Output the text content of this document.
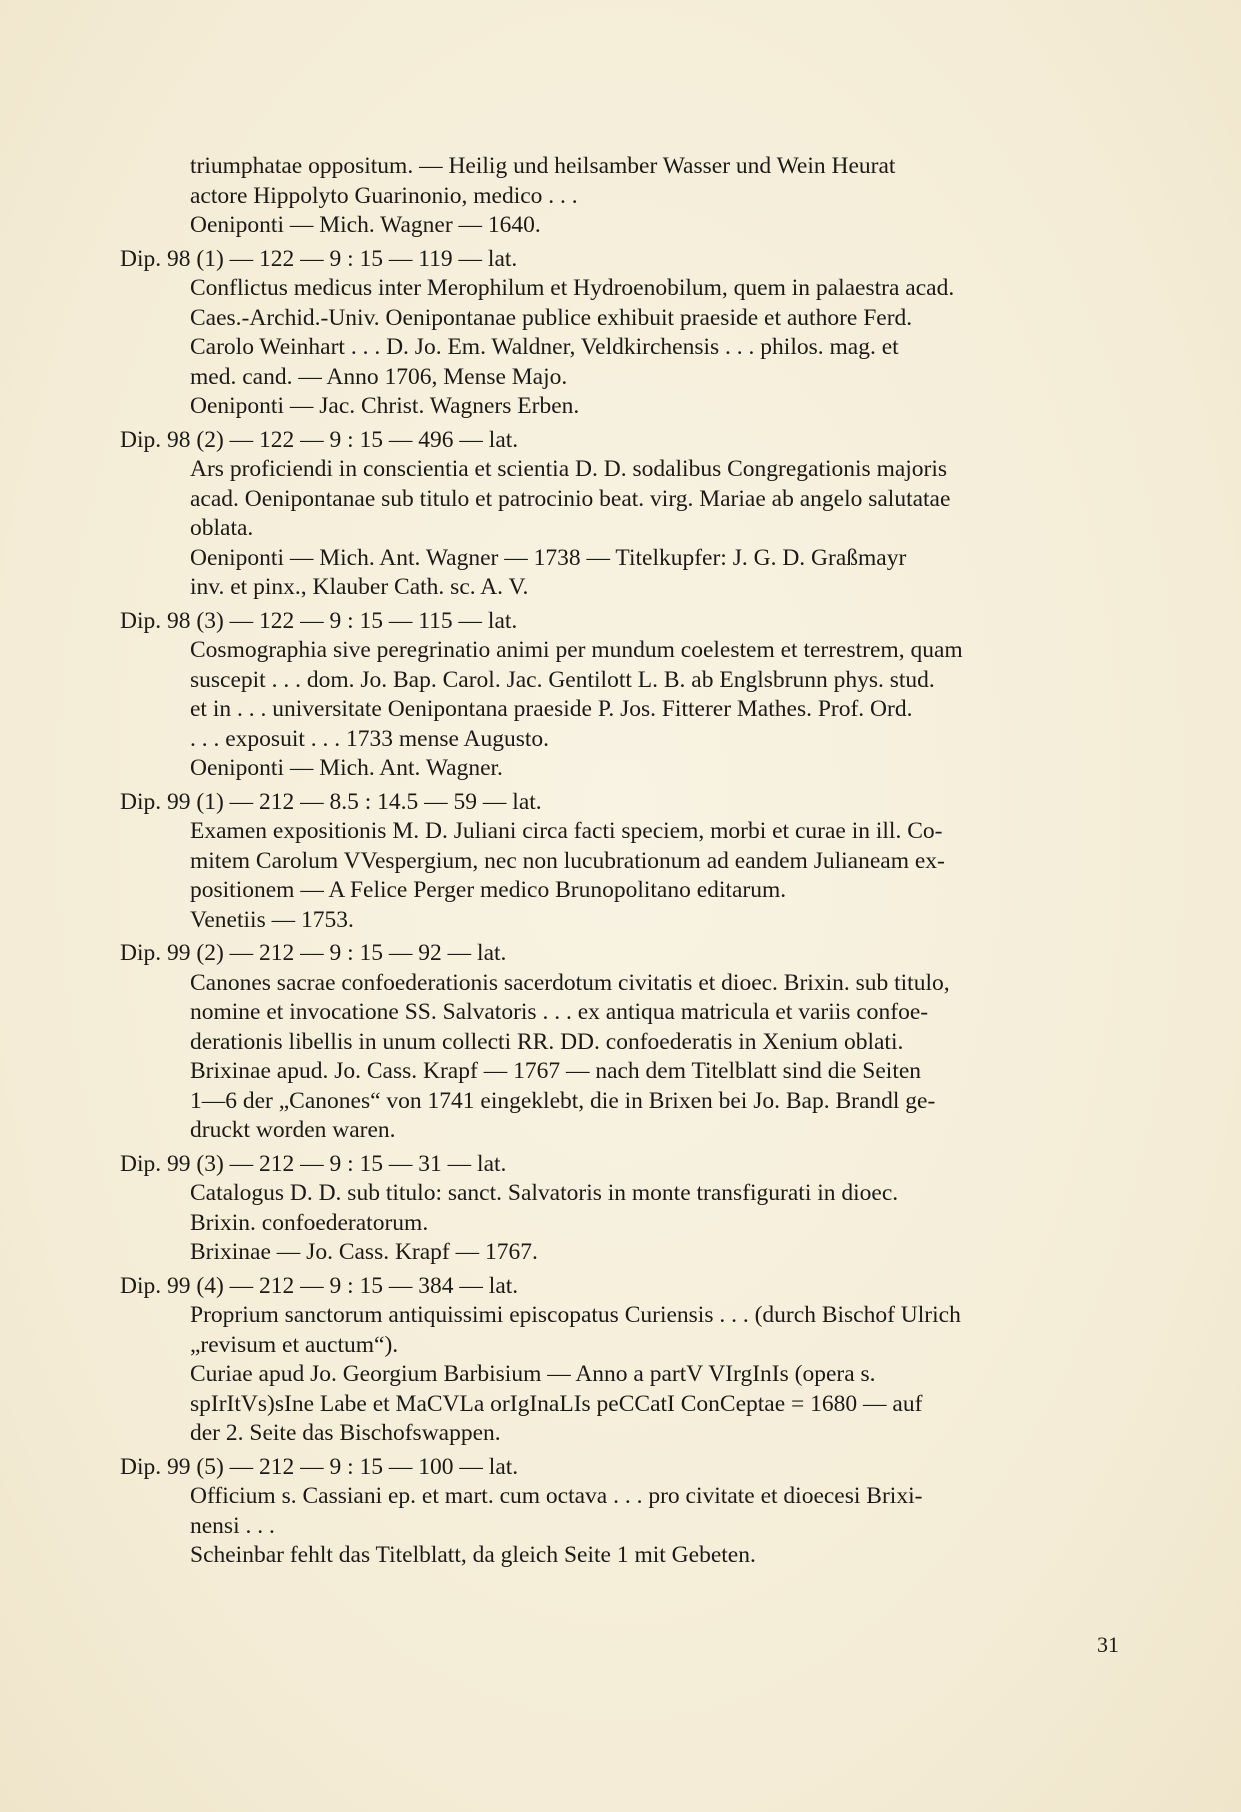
triumphatae oppositum. — Heilig und heilsamber Wasser und Wein Heurat
actore Hippolyto Guarinonio, medico . . .
Oeniponti — Mich. Wagner — 1640.
Dip. 98 (1) — 122 — 9 : 15 — 119 — lat.
Conflictus medicus inter Merophilum et Hydroenobilum, quem in palaestra acad.
Caes.-Archid.-Univ. Oenipontanae publice exhibuit praeside et authore Ferd.
Carolo Weinhart . . . D. Jo. Em. Waldner, Veldkirchensis . . . philos. mag. et
med. cand. — Anno 1706, Mense Majo.
Oeniponti — Jac. Christ. Wagners Erben.
Dip. 98 (2) — 122 — 9 : 15 — 496 — lat.
Ars proficiendi in conscientia et scientia D. D. sodalibus Congregationis majoris
acad. Oenipontanae sub titulo et patrocinio beat. virg. Mariae ab angelo salutatae
oblata.
Oeniponti — Mich. Ant. Wagner — 1738 — Titelkupfer: J. G. D. Graßmayr
inv. et pinx., Klauber Cath. sc. A. V.
Dip. 98 (3) — 122 — 9 : 15 — 115 — lat.
Cosmographia sive peregrinatio animi per mundum coelestem et terrestrem, quam
suscepit . . . dom. Jo. Bap. Carol. Jac. Gentilott L. B. ab Englsbrunn phys. stud.
et in . . . universitate Oenipontana praeside P. Jos. Fitterer Mathes. Prof. Ord.
. . . exposuit . . . 1733 mense Augusto.
Oeniponti — Mich. Ant. Wagner.
Dip. 99 (1) — 212 — 8.5 : 14.5 — 59 — lat.
Examen expositionis M. D. Juliani circa facti speciem, morbi et curae in ill. Co-
mitem Carolum VVespergium, nec non lucubrationum ad eandem Julianeam ex-
positionem — A Felice Perger medico Brunopolitano editarum.
Venetiis — 1753.
Dip. 99 (2) — 212 — 9 : 15 — 92 — lat.
Canones sacrae confoederationis sacerdotum civitatis et dioec. Brixin. sub titulo,
nomine et invocatione SS. Salvatoris . . . ex antiqua matricula et variis confoe-
derationis libellis in unum collecti RR. DD. confoederatis in Xenium oblati.
Brixinae apud. Jo. Cass. Krapf — 1767 — nach dem Titelblatt sind die Seiten
1—6 der „Canones“ von 1741 eingeklebt, die in Brixen bei Jo. Bap. Brandl ge-
druckt worden waren.
Dip. 99 (3) — 212 — 9 : 15 — 31 — lat.
Catalogus D. D. sub titulo: sanct. Salvatoris in monte transfigurati in dioec.
Brixin. confoederatorum.
Brixinae — Jo. Cass. Krapf — 1767.
Dip. 99 (4) — 212 — 9 : 15 — 384 — lat.
Proprium sanctorum antiquissimi episcopatus Curiensis . . . (durch Bischof Ulrich
„revisum et auctum“).
Curiae apud Jo. Georgium Barbisium — Anno a partV VIrgInIs (opera s.
spIrItVs)sIne Labe et MaCVLa orIgInaLIs peCCatI ConCeptae = 1680 — auf
der 2. Seite das Bischofswappen.
Dip. 99 (5) — 212 — 9 : 15 — 100 — lat.
Officium s. Cassiani ep. et mart. cum octava . . . pro civitate et dioecesi Brixi-
nensi . . .
Scheinbar fehlt das Titelblatt, da gleich Seite 1 mit Gebeten.
31
